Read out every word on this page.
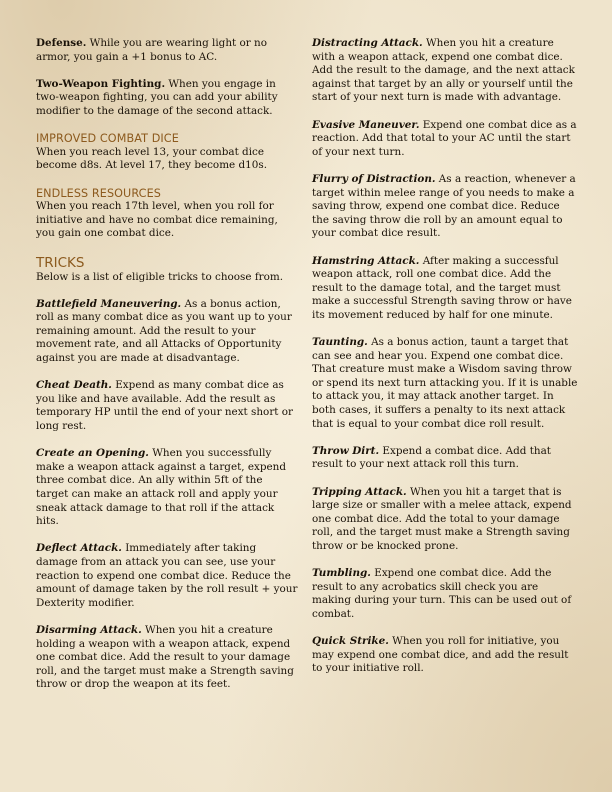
Defense. While you are wearing light or no armor, you gain a +1 bonus to AC.

Two-Weapon Fighting. When you engage in two-weapon fighting, you can add your ability modifier to the damage of the second attack.

IMPROVED COMBAT DICE

When you reach level 13, your combat dice become d8s. At level 17, they become d10s.

ENDLESS RESOURCES

When you reach 17th level, when you roll for initiative and have no combat dice remaining, you gain one combat dice.

TRICKS

Below is a list of eligible tricks to choose from.

Battlefield Maneuvering. As a bonus action, roll as many combat dice as you want up to your remaining amount. Add the result to your movement rate, and all Attacks of Opportunity against you are made at disadvantage.

Cheat Death. Expend as many combat dice as you like and have available. Add the result as temporary HP until the end of your next short or long rest.

Create an Opening. When you successfully make a weapon attack against a target, expend three combat dice. An ally within 5ft of the target can make an attack roll and apply your sneak attack damage to that roll if the attack hits.

Deflect Attack. Immediately after taking damage from an attack you can see, use your reaction to expend one combat dice. Reduce the amount of damage taken by the roll result + your Dexterity modifier.

Disarming Attack. When you hit a creature holding a weapon with a weapon attack, expend one combat dice. Add the result to your damage roll, and the target must make a Strength saving throw or drop the weapon at its feet.

Distracting Attack. When you hit a creature with a weapon attack, expend one combat dice. Add the result to the damage, and the next attack against that target by an ally or yourself until the start of your next turn is made with advantage.

Evasive Maneuver. Expend one combat dice as a reaction. Add that total to your AC until the start of your next turn.

Flurry of Distraction. As a reaction, whenever a target within melee range of you needs to make a saving throw, expend one combat dice. Reduce the saving throw die roll by an amount equal to your combat dice result.

Hamstring Attack. After making a successful weapon attack, roll one combat dice. Add the result to the damage total, and the target must make a successful Strength saving throw or have its movement reduced by half for one minute.

Taunting. As a bonus action, taunt a target that can see and hear you. Expend one combat dice. That creature must make a Wisdom saving throw or spend its next turn attacking you. If it is unable to attack you, it may attack another target. In both cases, it suffers a penalty to its next attack that is equal to your combat dice roll result.

Throw Dirt. Expend a combat dice. Add that result to your next attack roll this turn.

Tripping Attack. When you hit a target that is large size or smaller with a melee attack, expend one combat dice. Add the total to your damage roll, and the target must make a Strength saving throw or be knocked prone.

Tumbling. Expend one combat dice. Add the result to any acrobatics skill check you are making during your turn. This can be used out of combat.

Quick Strike. When you roll for initiative, you may expend one combat dice, and add the result to your initiative roll.
